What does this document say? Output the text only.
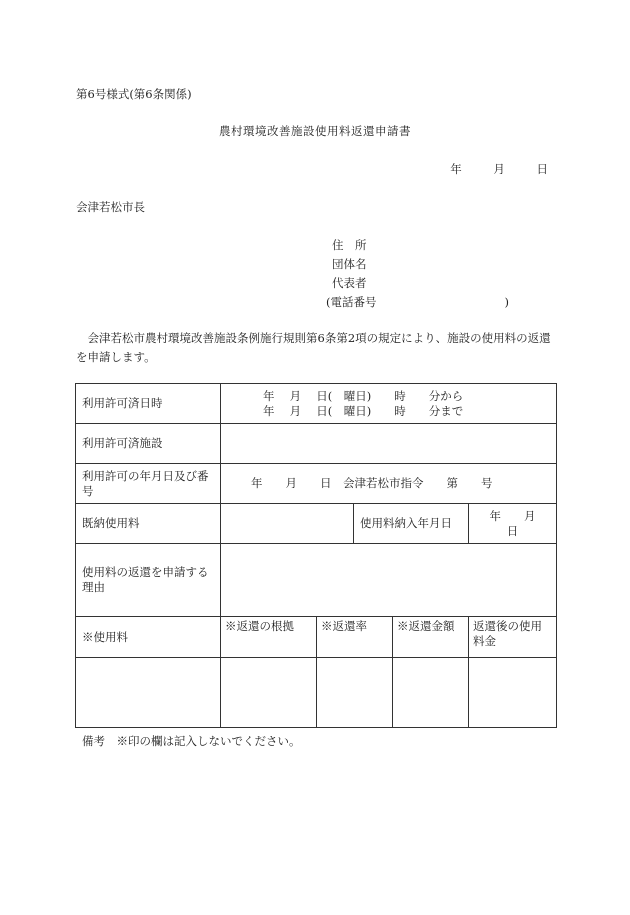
第6号様式(第6条関係)
農村環境改善施設使用料返還申請書
年	月	日
会津若松市長
住　所
団体名
代表者
(電話番号	)
会津若松市農村環境改善施設条例施行規則第6条第2項の規定により、施設の使用料の返還を申請します。
利用許可済日時	年　 月　 日(　曜日)　　時　　分から
年　 月　 日(　曜日)　　時　　分まで				

利用許可済施設					
利用許可の年月日及び番号	年　　月　　日　会津若松市指令　　第　　号				
既納使用料			使用料納入年月日		年　　月　　日
使用料の返還を申請する理由					
※使用料	※返還の根拠	※返還率		※返還金額	返還後の使用料金

備考　※印の欄は記入しないでください。
